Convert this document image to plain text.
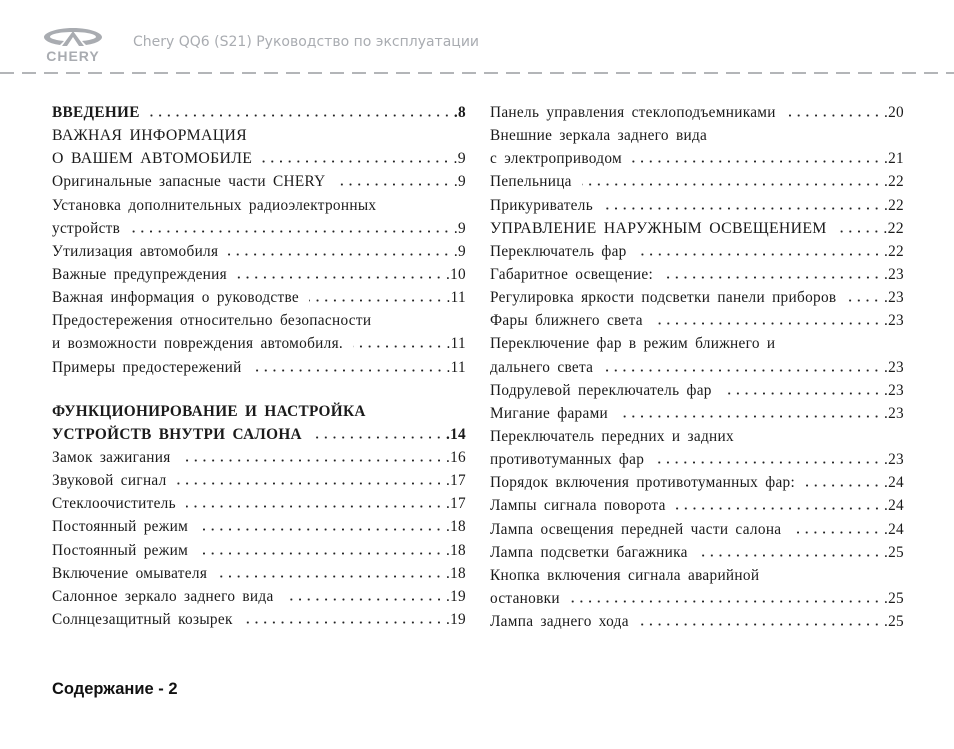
CHERY
Chery QQ6 (S21) Руководство по эксплуатации
ВВЕДЕНИЕ	.8
ВАЖНАЯ ИНФОРМАЦИЯ
О ВАШЕМ АВТОМОБИЛЕ	.9
Оригинальные запасные части CHERY	.9
Установка дополнительных радиоэлектронных
устройств	.9
Утилизация автомобиля	.9
Важные предупреждения	.10
Важная информация о руководстве	.11
Предостережения относительно безопасности
и возможности повреждения автомобиля.	.11
Примеры предостережений	.11
ФУНКЦИОНИРОВАНИЕ И НАСТРОЙКА
УСТРОЙСТВ ВНУТРИ САЛОНА	.14
Замок зажигания	.16
Звуковой сигнал	.17
Стеклоочиститель	.17
Постоянный режим	.18
Постоянный режим	.18
Включение омывателя	.18
Салонное зеркало заднего вида	.19
Солнцезащитный козырек	.19
Панель управления стеклоподъемниками	.20
Внешние зеркала заднего вида
с электроприводом	.21
Пепельница	.22
Прикуриватель	.22
УПРАВЛЕНИЕ НАРУЖНЫМ ОСВЕЩЕНИЕМ	.22
Переключатель фар	.22
Габаритное освещение:	.23
Регулировка яркости подсветки панели приборов	.23
Фары ближнего света	.23
Переключение фар в режим ближнего и
дальнего света	.23
Подрулевой переключатель фар	.23
Мигание фарами	.23
Переключатель передних и задних
противотуманных фар	.23
Порядок включения противотуманных фар:	.24
Лампы сигнала поворота	.24
Лампа освещения передней части салона	.24
Лампа подсветки багажника	.25
Кнопка включения сигнала аварийной
остановки	.25
Лампа заднего хода	.25
Содержание - 2
